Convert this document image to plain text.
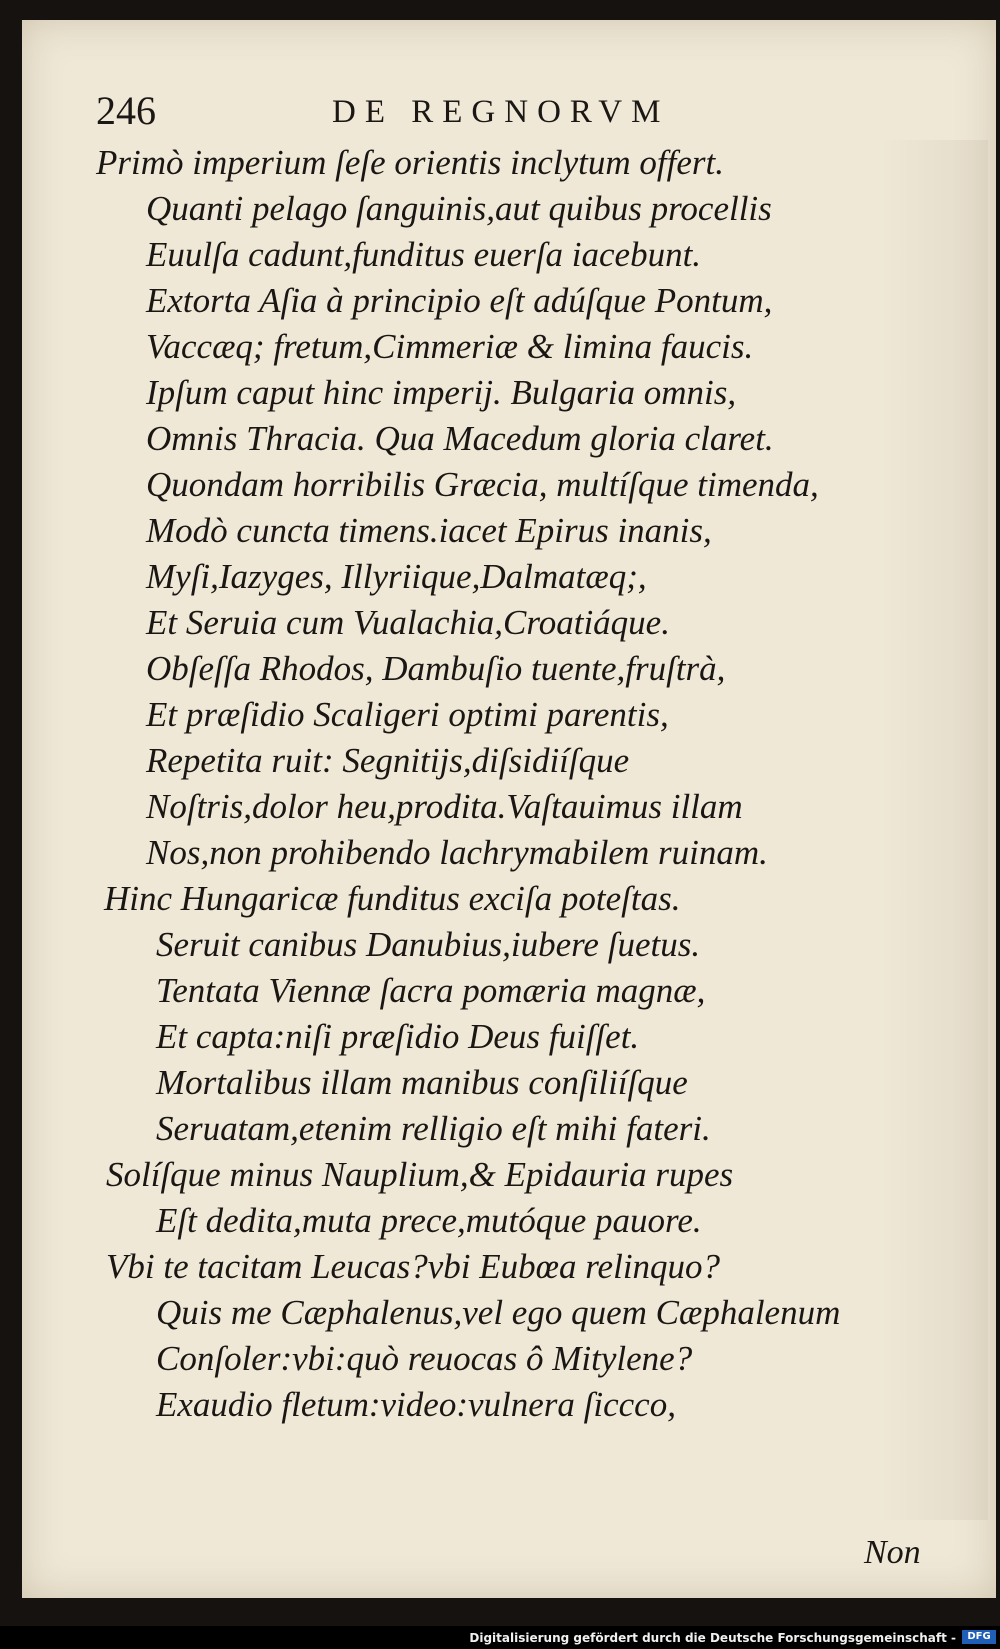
246	DE REGNORVM
Primò imperium ſeſe orientis inclytum offert.
Quanti pelago ſanguinis,aut quibus procellis
Euulſa cadunt,funditus euerſa iacebunt.
Extorta Aſia à principio eſt adúſque Pontum,
Vaccæq; fretum,Cimmeriæ & limina faucis.
Ipſum caput hinc imperij. Bulgaria omnis,
Omnis Thracia. Qua Macedum gloria claret.
Quondam horribilis Græcia, multíſque timenda,
Modò cuncta timens.iacet Epirus inanis,
Myſi,Iazyges, Illyriique,Dalmatæq;,
Et Seruia cum Vualachia,Croatiáque.
Obſeſſa Rhodos, Dambuſio tuente,fruſtrà,
Et præſidio Scaligeri optimi parentis,
Repetita ruit: Segnitijs,diſsidiíſque
Noſtris,dolor heu,prodita.Vaſtauimus illam
Nos,non prohibendo lachrymabilem ruinam.
Hinc Hungaricæ funditus exciſa poteſtas.
Seruit canibus Danubius,iubere ſuetus.
Tentata Viennæ ſacra pomæria magnæ,
Et capta:niſi præſidio Deus fuiſſet.
Mortalibus illam manibus conſiliíſque
Seruatam,etenim relligio eſt mihi fateri.
Solíſque minus Nauplium,& Epidauria rupes
Eſt dedita,muta prece,mutóque pauore.
Vbi te tacitam Leucas?vbi Eubœa relinquo?
Quis me Cæphalenus,vel ego quem Cæphalenum
Conſoler:vbi:quò reuocas ô Mitylene?
Exaudio fletum:video:vulnera ſiccco,
Non
Digitalisierung gefördert durch die Deutsche Forschungsgemeinschaft -	DFG
